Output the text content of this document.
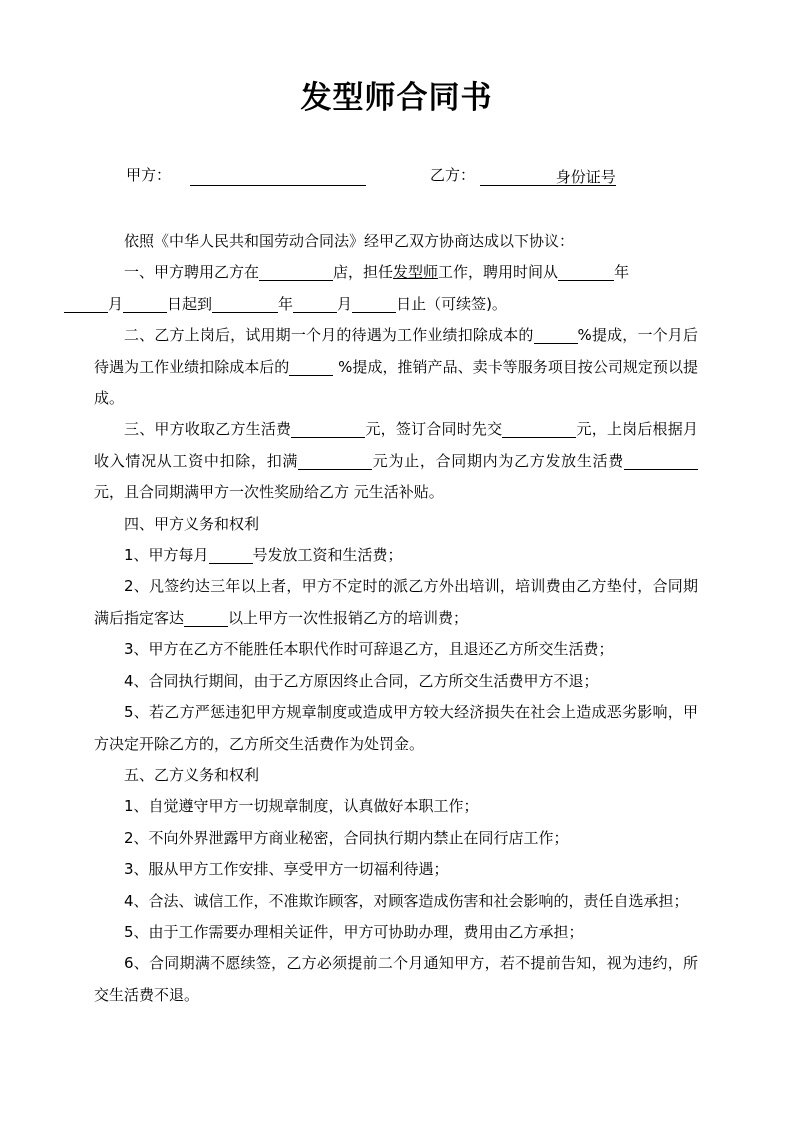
发型师合同书
甲方：	乙方：	身份证号

依照《中华人民共和国劳动合同法》经甲乙双方协商达成以下协议：

一、甲方聘用乙方在	店，担任发型师工作，聘用时间从	年
月	日起到	年	月	日止（可续签)。

二、乙方上岗后，试用期一个月的待遇为工作业绩扣除成本的	%提成，一个月后待遇为工作业绩扣除成本后的	%提成，推销产品、卖卡等服务项目按公司规定预以提成。

三、甲方收取乙方生活费	元，签订合同时先交	元，上岗后根据月收入情况从工资中扣除，扣满	元为止，合同期内为乙方发放生活费元，且合同期满甲方一次性奖励给乙方 元生活补贴。

四、甲方义务和权利

1、甲方每月	号发放工资和生活费；

2、凡签约达三年以上者，甲方不定时的派乙方外出培训，培训费由乙方垫付，合同期满后指定客达	以上甲方一次性报销乙方的培训费；

3、甲方在乙方不能胜任本职代作时可辞退乙方，且退还乙方所交生活费；

4、合同执行期间，由于乙方原因终止合同，乙方所交生活费甲方不退；

5、若乙方严惩违犯甲方规章制度或造成甲方较大经济损失在社会上造成恶劣影响，甲方决定开除乙方的，乙方所交生活费作为处罚金。

五、乙方义务和权利

1、自觉遵守甲方一切规章制度，认真做好本职工作；

2、不向外界泄露甲方商业秘密，合同执行期内禁止在同行店工作；

3、服从甲方工作安排、享受甲方一切福利待遇；

4、合法、诚信工作，不准欺诈顾客，对顾客造成伤害和社会影响的，责任自选承担；

5、由于工作需要办理相关证件，甲方可协助办理，费用由乙方承担；

6、合同期满不愿续签，乙方必须提前二个月通知甲方，若不提前告知，视为违约，所交生活费不退。
